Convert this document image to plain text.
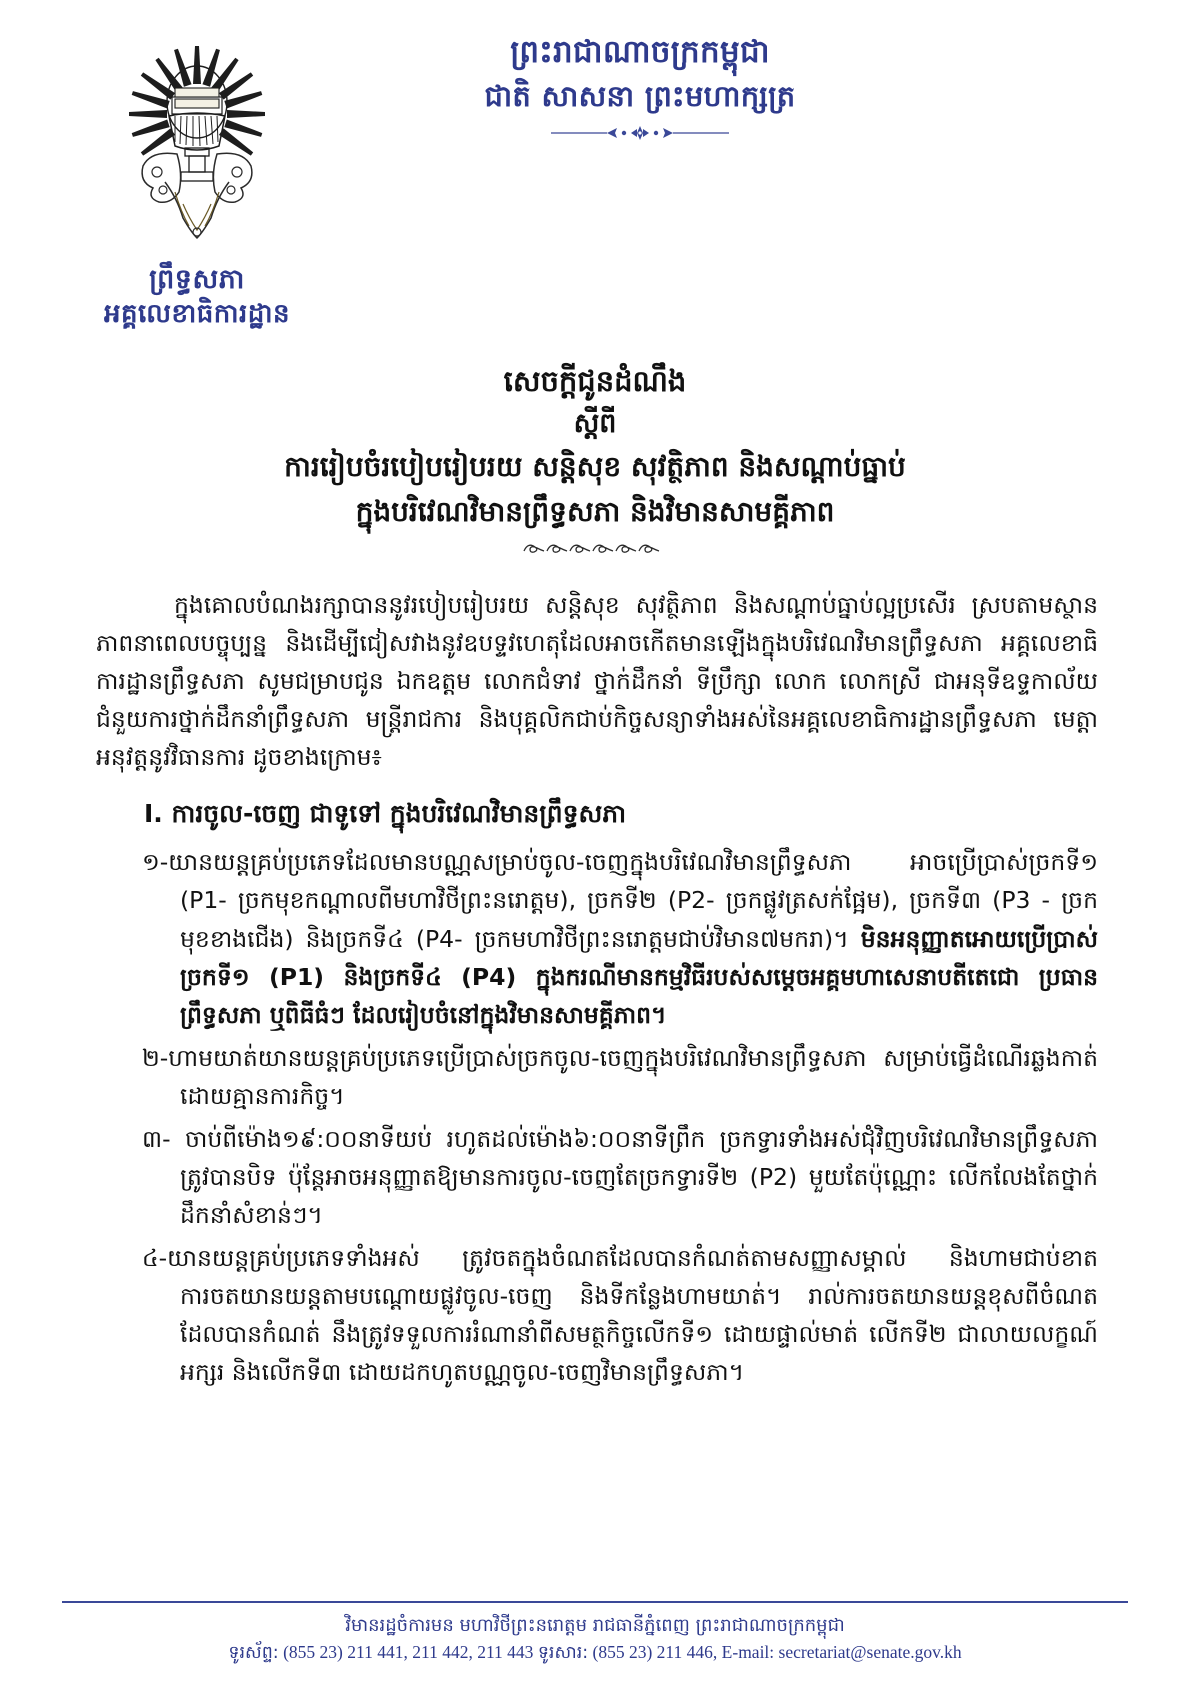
ព្រឹទ្ធសភា
អគ្គលេខាធិការដ្ឋាន
ព្រះរាជាណាចក្រកម្ពុជា
ជាតិ សាសនា ព្រះមហាក្សត្រ
សេចក្ដីជូនដំណឹង
ស្ដីពី
ការរៀបចំរបៀបរៀបរយ សន្ដិសុខ សុវត្ថិភាព និងសណ្ដាប់ធ្នាប់
ក្នុងបរិវេណវិមានព្រឹទ្ធសភា និងវិមានសាមគ្គីភាព

ក្នុងគោលបំណងរក្សាបាននូវរបៀបរៀបរយ សន្ដិសុខ សុវត្ថិភាព និងសណ្ដាប់ធ្នាប់ល្អប្រសើរ ស្របតាមស្ថានភាពនាពេលបច្ចុប្បន្ន និងដើម្បីជៀសវាងនូវឧបទ្ទវហេតុដែលអាចកើតមានឡើងក្នុងបរិវេណវិមានព្រឹទ្ធសភា អគ្គលេខាធិការដ្ឋានព្រឹទ្ធសភា សូមជម្រាបជូន ឯកឧត្តម លោកជំទាវ ថ្នាក់ដឹកនាំ ទីប្រឹក្សា លោក លោកស្រី ជាអនុទីឧទ្ទកាល័យ ជំនួយការថ្នាក់ដឹកនាំព្រឹទ្ធសភា មន្ត្រីរាជការ និងបុគ្គលិកជាប់កិច្ចសន្យាទាំងអស់នៃអគ្គលេខាធិការដ្ឋានព្រឹទ្ធសភា មេត្តាអនុវត្តនូវវិធានការ ដូចខាងក្រោម៖

I. ការចូល-ចេញ ជាទូទៅ ក្នុងបរិវេណវិមានព្រឹទ្ធសភា
១-យានយន្តគ្រប់ប្រភេទដែលមានបណ្ណសម្រាប់ចូល-ចេញក្នុងបរិវេណវិមានព្រឹទ្ធសភា អាចប្រើប្រាស់ច្រកទី១ (P1- ច្រកមុខកណ្ដាលពីមហាវិថីព្រះនរោត្តម), ច្រកទី២ (P2- ច្រកផ្លូវត្រសក់ផ្អែម), ច្រកទី៣ (P3 - ច្រកមុខខាងជើង) និងច្រកទី៤ (P4- ច្រកមហាវិថីព្រះនរោត្តមជាប់វិមាន៧មករា)។ មិនអនុញ្ញាតអោយប្រើប្រាស់ច្រកទី១ (P1) និងច្រកទី៤ (P4) ក្នុងករណីមានកម្មវិធីរបស់សម្ដេចអគ្គមហាសេនាបតីតេជោ ប្រធានព្រឹទ្ធសភា ឬពិធីធំៗ ដែលរៀបចំនៅក្នុងវិមានសាមគ្គីភាព។
២-ហាមយាត់យានយន្តគ្រប់ប្រភេទប្រើប្រាស់ច្រកចូល-ចេញក្នុងបរិវេណវិមានព្រឹទ្ធសភា សម្រាប់ធ្វើដំណើរឆ្លងកាត់ដោយគ្មានការកិច្ច។
៣- ចាប់ពីម៉ោង១៩:០០នាទីយប់ រហូតដល់ម៉ោង៦:០០នាទីព្រឹក ច្រកទ្វារទាំងអស់ជុំវិញបរិវេណវិមានព្រឹទ្ធសភា ត្រូវបានបិទ ប៉ុន្តែអាចអនុញ្ញាតឱ្យមានការចូល-ចេញតែច្រកទ្វារទី២ (P2) មួយតែប៉ុណ្ណោះ លើកលែងតែថ្នាក់ដឹកនាំសំខាន់ៗ។
៤-យានយន្តគ្រប់ប្រភេទទាំងអស់ ត្រូវចតក្នុងចំណតដែលបានកំណត់តាមសញ្ញាសម្គាល់ និងហាមជាប់ខាតការចតយានយន្តតាមបណ្ដោយផ្លូវចូល-ចេញ និងទីកន្លែងហាមយាត់។ រាល់ការចតយានយន្តខុសពីចំណតដែលបានកំណត់ នឹងត្រូវទទួលការរំណានាំពីសមត្ថកិច្ចលើកទី១ ដោយផ្ទាល់មាត់ លើកទី២ ជាលាយលក្ខណ៍អក្សរ និងលើកទី៣ ដោយដកហូតបណ្ណចូល-ចេញវិមានព្រឹទ្ធសភា។
វិមានរដ្ឋចំការមន មហាវិថីព្រះនរោត្តម រាជធានីភ្នំពេញ ព្រះរាជាណាចក្រកម្ពុជា
ទូរស័ព្ទ: (855 23) 211 441, 211 442, 211 443 ទូរសារ: (855 23) 211 446, E-mail: secretariat@senate.gov.kh
